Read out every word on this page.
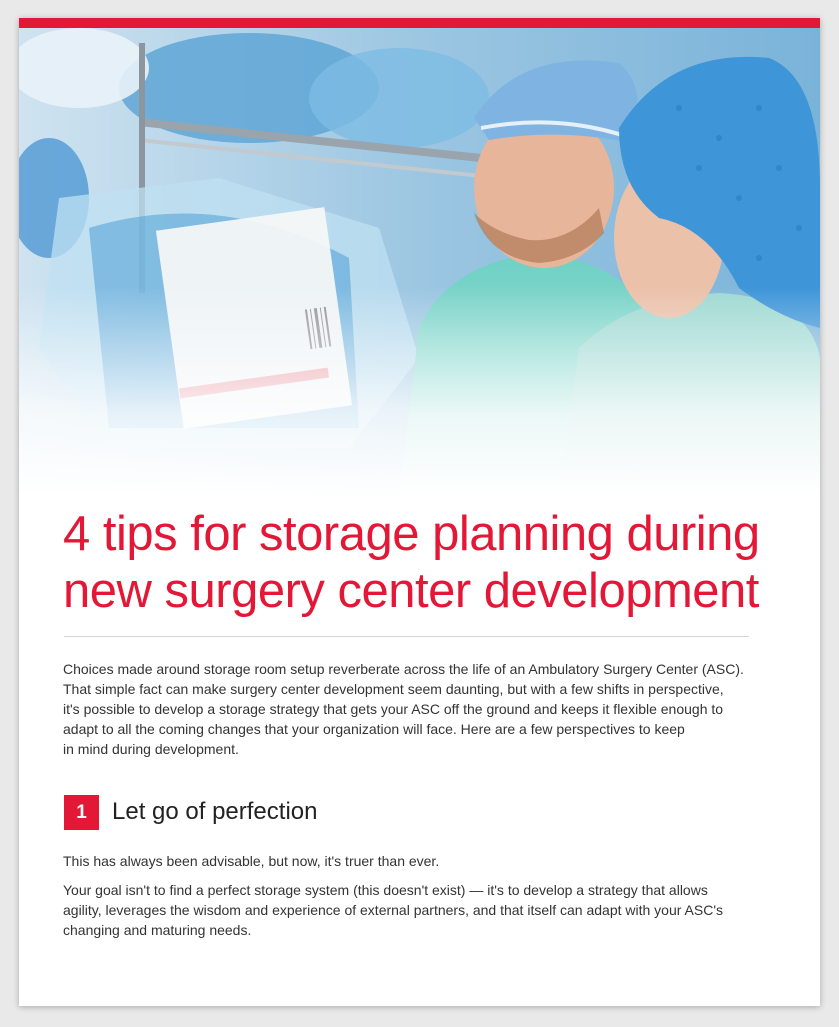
4 tips for storage planning during
new surgery center development

Choices made around storage room setup reverberate across the life of an Ambulatory Surgery Center (ASC).
That simple fact can make surgery center development seem daunting, but with a few shifts in perspective,
it's possible to develop a storage strategy that gets your ASC off the ground and keeps it flexible enough to
adapt to all the coming changes that your organization will face. Here are a few perspectives to keep
in mind during development.

1	Let go of perfection

This has always been advisable, but now, it's truer than ever.

Your goal isn't to find a perfect storage system (this doesn't exist) — it's to develop a strategy that allows
agility, leverages the wisdom and experience of external partners, and that itself can adapt with your ASC's
changing and maturing needs.
